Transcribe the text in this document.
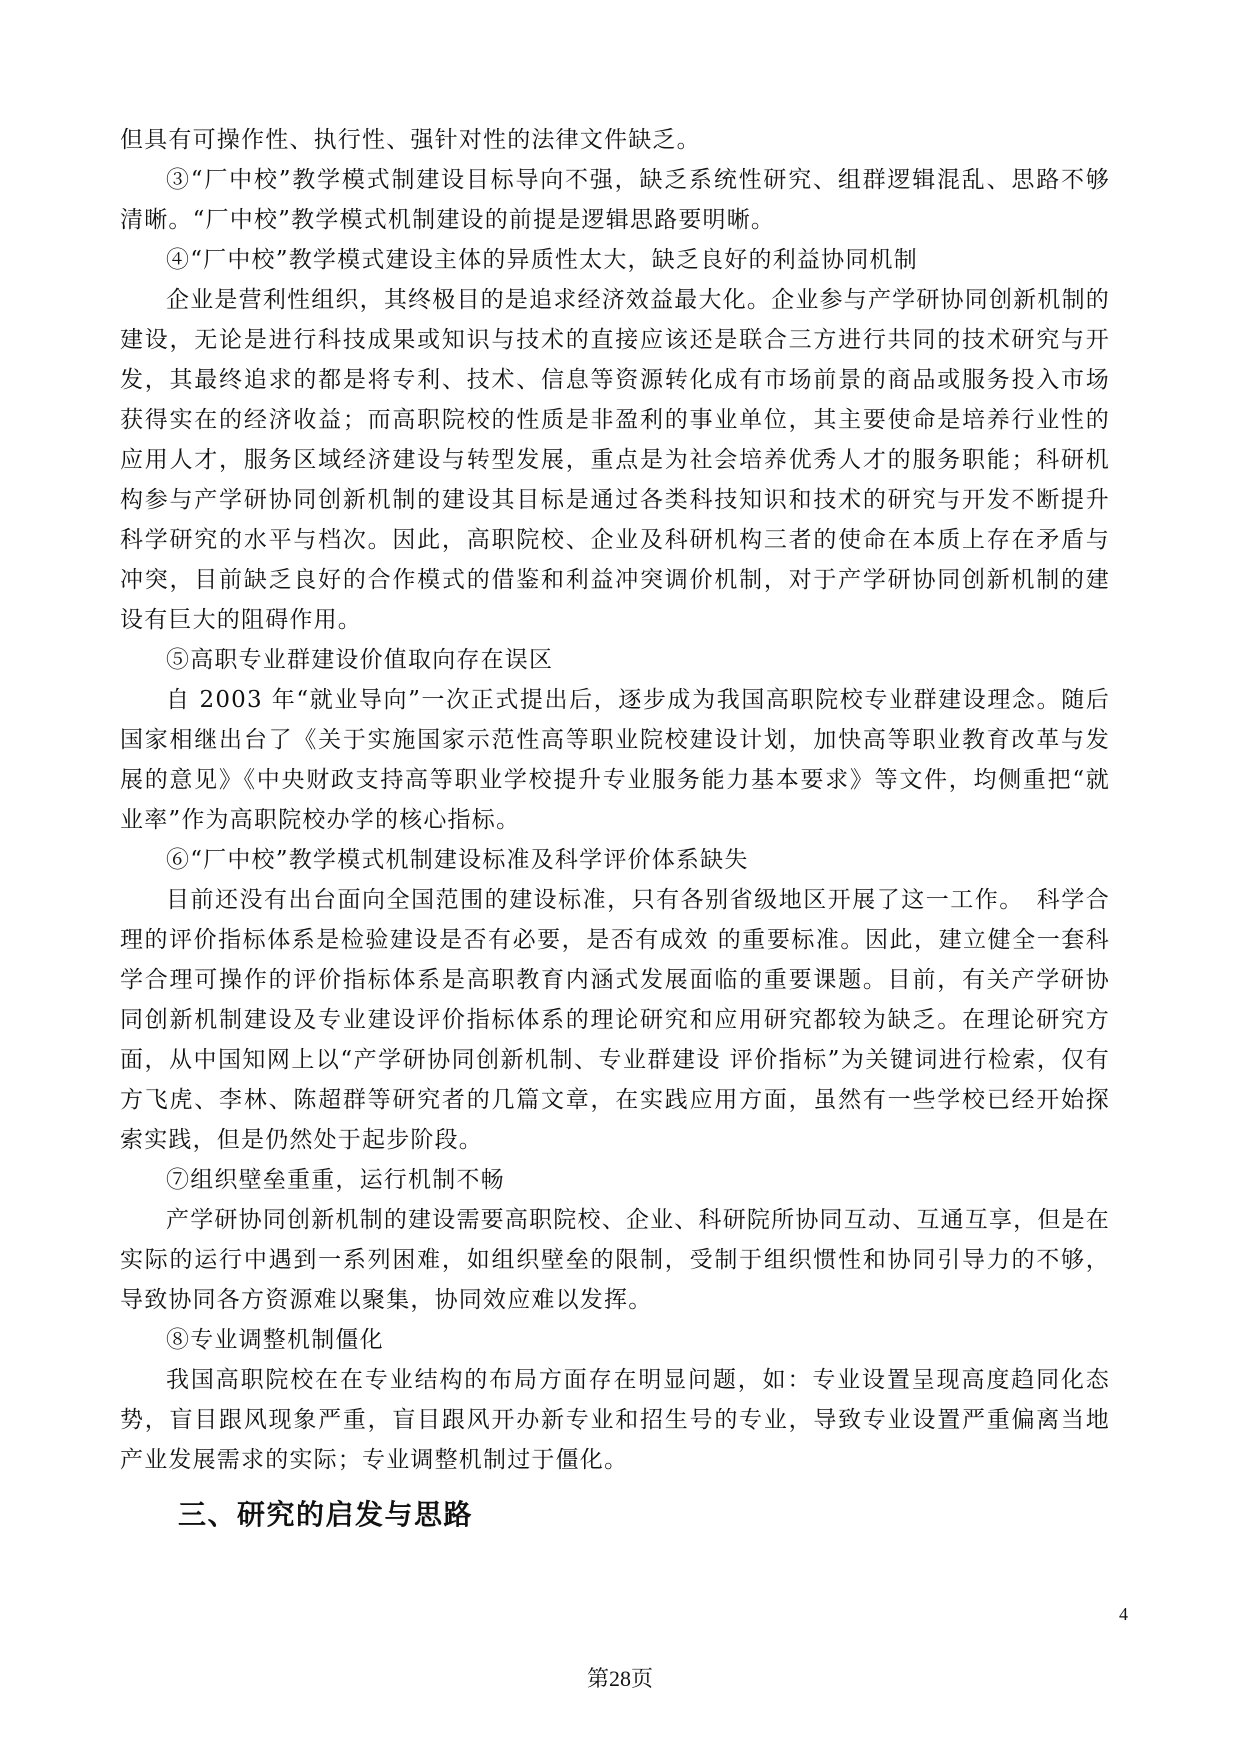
但具有可操作性、执行性、强针对性的法律文件缺乏。

③“厂中校”教学模式制建设目标导向不强，缺乏系统性研究、组群逻辑混乱、思路不够清晰。“厂中校”教学模式机制建设的前提是逻辑思路要明晰。

④“厂中校”教学模式建设主体的异质性太大，缺乏良好的利益协同机制

企业是营利性组织，其终极目的是追求经济效益最大化。企业参与产学研协同创新机制的建设，无论是进行科技成果或知识与技术的直接应该还是联合三方进行共同的技术研究与开发，其最终追求的都是将专利、技术、信息等资源转化成有市场前景的商品或服务投入市场获得实在的经济收益；而高职院校的性质是非盈利的事业单位，其主要使命是培养行业性的应用人才，服务区域经济建设与转型发展，重点是为社会培养优秀人才的服务职能；科研机构参与产学研协同创新机制的建设其目标是通过各类科技知识和技术的研究与开发不断提升科学研究的水平与档次。因此，高职院校、企业及科研机构三者的使命在本质上存在矛盾与冲突，目前缺乏良好的合作模式的借鉴和利益冲突调价机制，对于产学研协同创新机制的建设有巨大的阻碍作用。

⑤高职专业群建设价值取向存在误区

自 2003 年“就业导向”一次正式提出后，逐步成为我国高职院校专业群建设理念。随后国家相继出台了《关于实施国家示范性高等职业院校建设计划，加快高等职业教育改革与发展的意见》《中央财政支持高等职业学校提升专业服务能力基本要求》等文件，均侧重把“就业率”作为高职院校办学的核心指标。

⑥“厂中校”教学模式机制建设标准及科学评价体系缺失

目前还没有出台面向全国范围的建设标准，只有各别省级地区开展了这一工作。　科学合理的评价指标体系是检验建设是否有必要，是否有成效 的重要标准。因此，建立健全一套科学合理可操作的评价指标体系是高职教育内涵式发展面临的重要课题。目前，有关产学研协同创新机制建设及专业建设评价指标体系的理论研究和应用研究都较为缺乏。在理论研究方面，从中国知网上以“产学研协同创新机制、专业群建设 评价指标”为关键词进行检索，仅有方飞虎、李林、陈超群等研究者的几篇文章，在实践应用方面，虽然有一些学校已经开始探索实践，但是仍然处于起步阶段。

⑦组织壁垒重重，运行机制不畅

产学研协同创新机制的建设需要高职院校、企业、科研院所协同互动、互通互享，但是在实际的运行中遇到一系列困难，如组织壁垒的限制，受制于组织惯性和协同引导力的不够，导致协同各方资源难以聚集，协同效应难以发挥。

⑧专业调整机制僵化

我国高职院校在在专业结构的布局方面存在明显问题，如：专业设置呈现高度趋同化态势，盲目跟风现象严重，盲目跟风开办新专业和招生号的专业，导致专业设置严重偏离当地产业发展需求的实际；专业调整机制过于僵化。

三、研究的启发与思路
4
第28页
